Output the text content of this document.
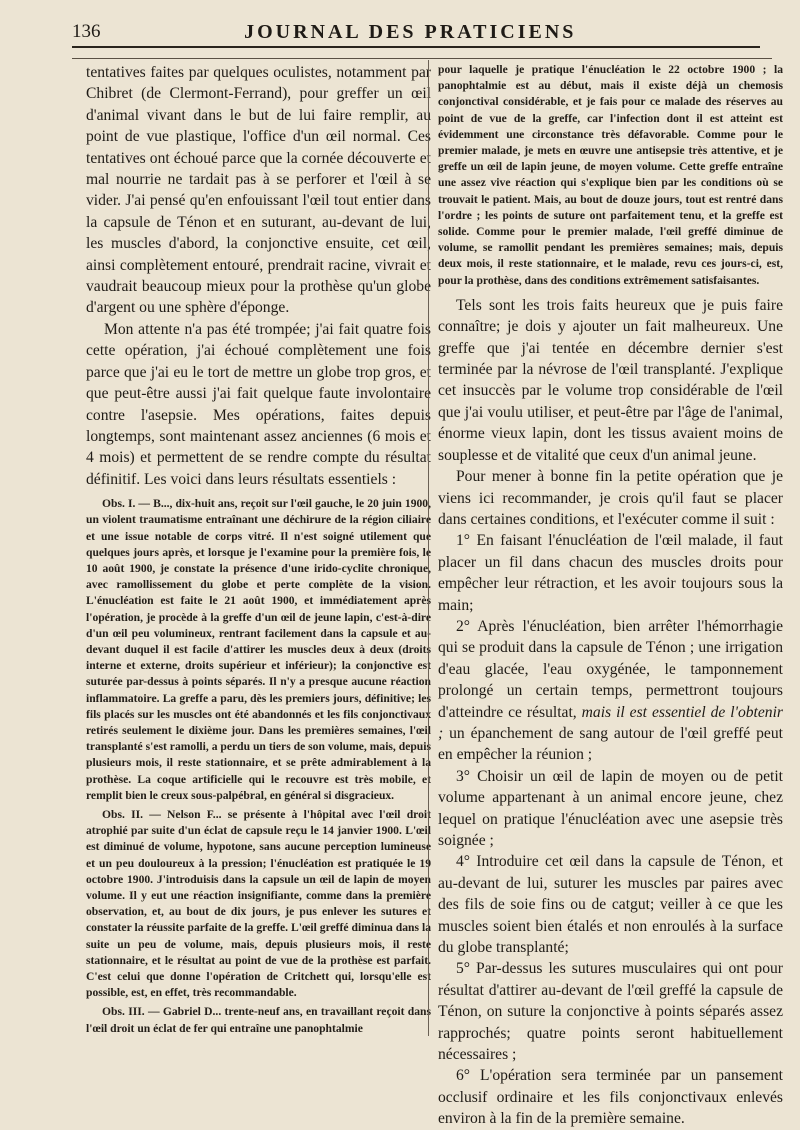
136	JOURNAL DES PRATICIENS

tentatives faites par quelques oculistes, notamment par Chibret (de Clermont-Ferrand), pour greffer un œil d'animal vivant dans le but de lui faire remplir, au point de vue plastique, l'office d'un œil normal. Ces tentatives ont échoué parce que la cornée découverte et mal nourrie ne tardait pas à se perforer et l'œil à se vider. J'ai pensé qu'en enfouissant l'œil tout entier dans la capsule de Ténon et en suturant, au-devant de lui, les muscles d'abord, la conjonctive ensuite, cet œil, ainsi complètement entouré, prendrait racine, vivrait et vaudrait beaucoup mieux pour la prothèse qu'un globe d'argent ou une sphère d'éponge.

Mon attente n'a pas été trompée; j'ai fait quatre fois cette opération, j'ai échoué complètement une fois parce que j'ai eu le tort de mettre un globe trop gros, et que peut-être aussi j'ai fait quelque faute involontaire contre l'asepsie. Mes opérations, faites depuis longtemps, sont maintenant assez anciennes (6 mois et 4 mois) et permettent de se rendre compte du résultat définitif. Les voici dans leurs résultats essentiels :

Obs. I. — B..., dix-huit ans, reçoit sur l'œil gauche, le 20 juin 1900, un violent traumatisme entraînant une déchirure de la région ciliaire et une issue notable de corps vitré. Il n'est soigné utilement que quelques jours après, et lorsque je l'examine pour la première fois, le 10 août 1900, je constate la présence d'une irido-cyclite chronique, avec ramollissement du globe et perte complète de la vision. L'énucléation est faite le 21 août 1900, et immédiatement après l'opération, je procède à la greffe d'un œil de jeune lapin, c'est-à-dire d'un œil peu volumineux, rentrant facilement dans la capsule et au-devant duquel il est facile d'attirer les muscles deux à deux (droits interne et externe, droits supérieur et inférieur); la conjonctive est suturée par-dessus à points séparés. Il n'y a presque aucune réaction inflammatoire. La greffe a paru, dès les premiers jours, définitive; les fils placés sur les muscles ont été abandonnés et les fils conjonctivaux retirés seulement le dixième jour. Dans les premières semaines, l'œil transplanté s'est ramolli, a perdu un tiers de son volume, mais, depuis plusieurs mois, il reste stationnaire, et se prête admirablement à la prothèse. La coque artificielle qui le recouvre est très mobile, et remplit bien le creux sous-palpébral, en général si disgracieux.

Obs. II. — Nelson F... se présente à l'hôpital avec l'œil droit atrophié par suite d'un éclat de capsule reçu le 14 janvier 1900. L'œil est diminué de volume, hypotone, sans aucune perception lumineuse et un peu douloureux à la pression; l'énucléation est pratiquée le 19 octobre 1900. J'introduisis dans la capsule un œil de lapin de moyen volume. Il y eut une réaction insignifiante, comme dans la première observation, et, au bout de dix jours, je pus enlever les sutures et constater la réussite parfaite de la greffe. L'œil greffé diminua dans la suite un peu de volume, mais, depuis plusieurs mois, il reste stationnaire, et le résultat au point de vue de la prothèse est parfait. C'est celui que donne l'opération de Critchett qui, lorsqu'elle est possible, est, en effet, très recommandable.

Obs. III. — Gabriel D... trente-neuf ans, en travaillant reçoit dans l'œil droit un éclat de fer qui entraîne une panophtalmie

pour laquelle je pratique l'énucléation le 22 octobre 1900 ; la panophtalmie est au début, mais il existe déjà un chemosis conjonctival considérable, et je fais pour ce malade des réserves au point de vue de la greffe, car l'infection dont il est atteint est évidemment une circonstance très défavorable. Comme pour le premier malade, je mets en œuvre une antisepsie très attentive, et je greffe un œil de lapin jeune, de moyen volume. Cette greffe entraîne une assez vive réaction qui s'explique bien par les conditions où se trouvait le patient. Mais, au bout de douze jours, tout est rentré dans l'ordre ; les points de suture ont parfaitement tenu, et la greffe est solide. Comme pour le premier malade, l'œil greffé diminue de volume, se ramollit pendant les premières semaines; mais, depuis deux mois, il reste stationnaire, et le malade, revu ces jours-ci, est, pour la prothèse, dans des conditions extrêmement satisfaisantes.

Tels sont les trois faits heureux que je puis faire connaître; je dois y ajouter un fait malheureux. Une greffe que j'ai tentée en décembre dernier s'est terminée par la névrose de l'œil transplanté. J'explique cet insuccès par le volume trop considérable de l'œil que j'ai voulu utiliser, et peut-être par l'âge de l'animal, énorme vieux lapin, dont les tissus avaient moins de souplesse et de vitalité que ceux d'un animal jeune.

Pour mener à bonne fin la petite opération que je viens ici recommander, je crois qu'il faut se placer dans certaines conditions, et l'exécuter comme il suit :

1° En faisant l'énucléation de l'œil malade, il faut placer un fil dans chacun des muscles droits pour empêcher leur rétraction, et les avoir toujours sous la main;

2° Après l'énucléation, bien arrêter l'hémorrhagie qui se produit dans la capsule de Ténon ; une irrigation d'eau glacée, l'eau oxygénée, le tamponnement prolongé un certain temps, permettront toujours d'atteindre ce résultat, mais il est essentiel de l'obtenir ; un épanchement de sang autour de l'œil greffé peut en empêcher la réunion ;

3° Choisir un œil de lapin de moyen ou de petit volume appartenant à un animal encore jeune, chez lequel on pratique l'énucléation avec une asepsie très soignée ;

4° Introduire cet œil dans la capsule de Ténon, et au-devant de lui, suturer les muscles par paires avec des fils de soie fins ou de catgut; veiller à ce que les muscles soient bien étalés et non enroulés à la surface du globe transplanté;

5° Par-dessus les sutures musculaires qui ont pour résultat d'attirer au-devant de l'œil greffé la capsule de Ténon, on suture la conjonctive à points séparés assez rapprochés; quatre points seront habituellement nécessaires ;

6° L'opération sera terminée par un pansement occlusif ordinaire et les fils conjonctivaux enlevés environ à la fin de la première semaine.
